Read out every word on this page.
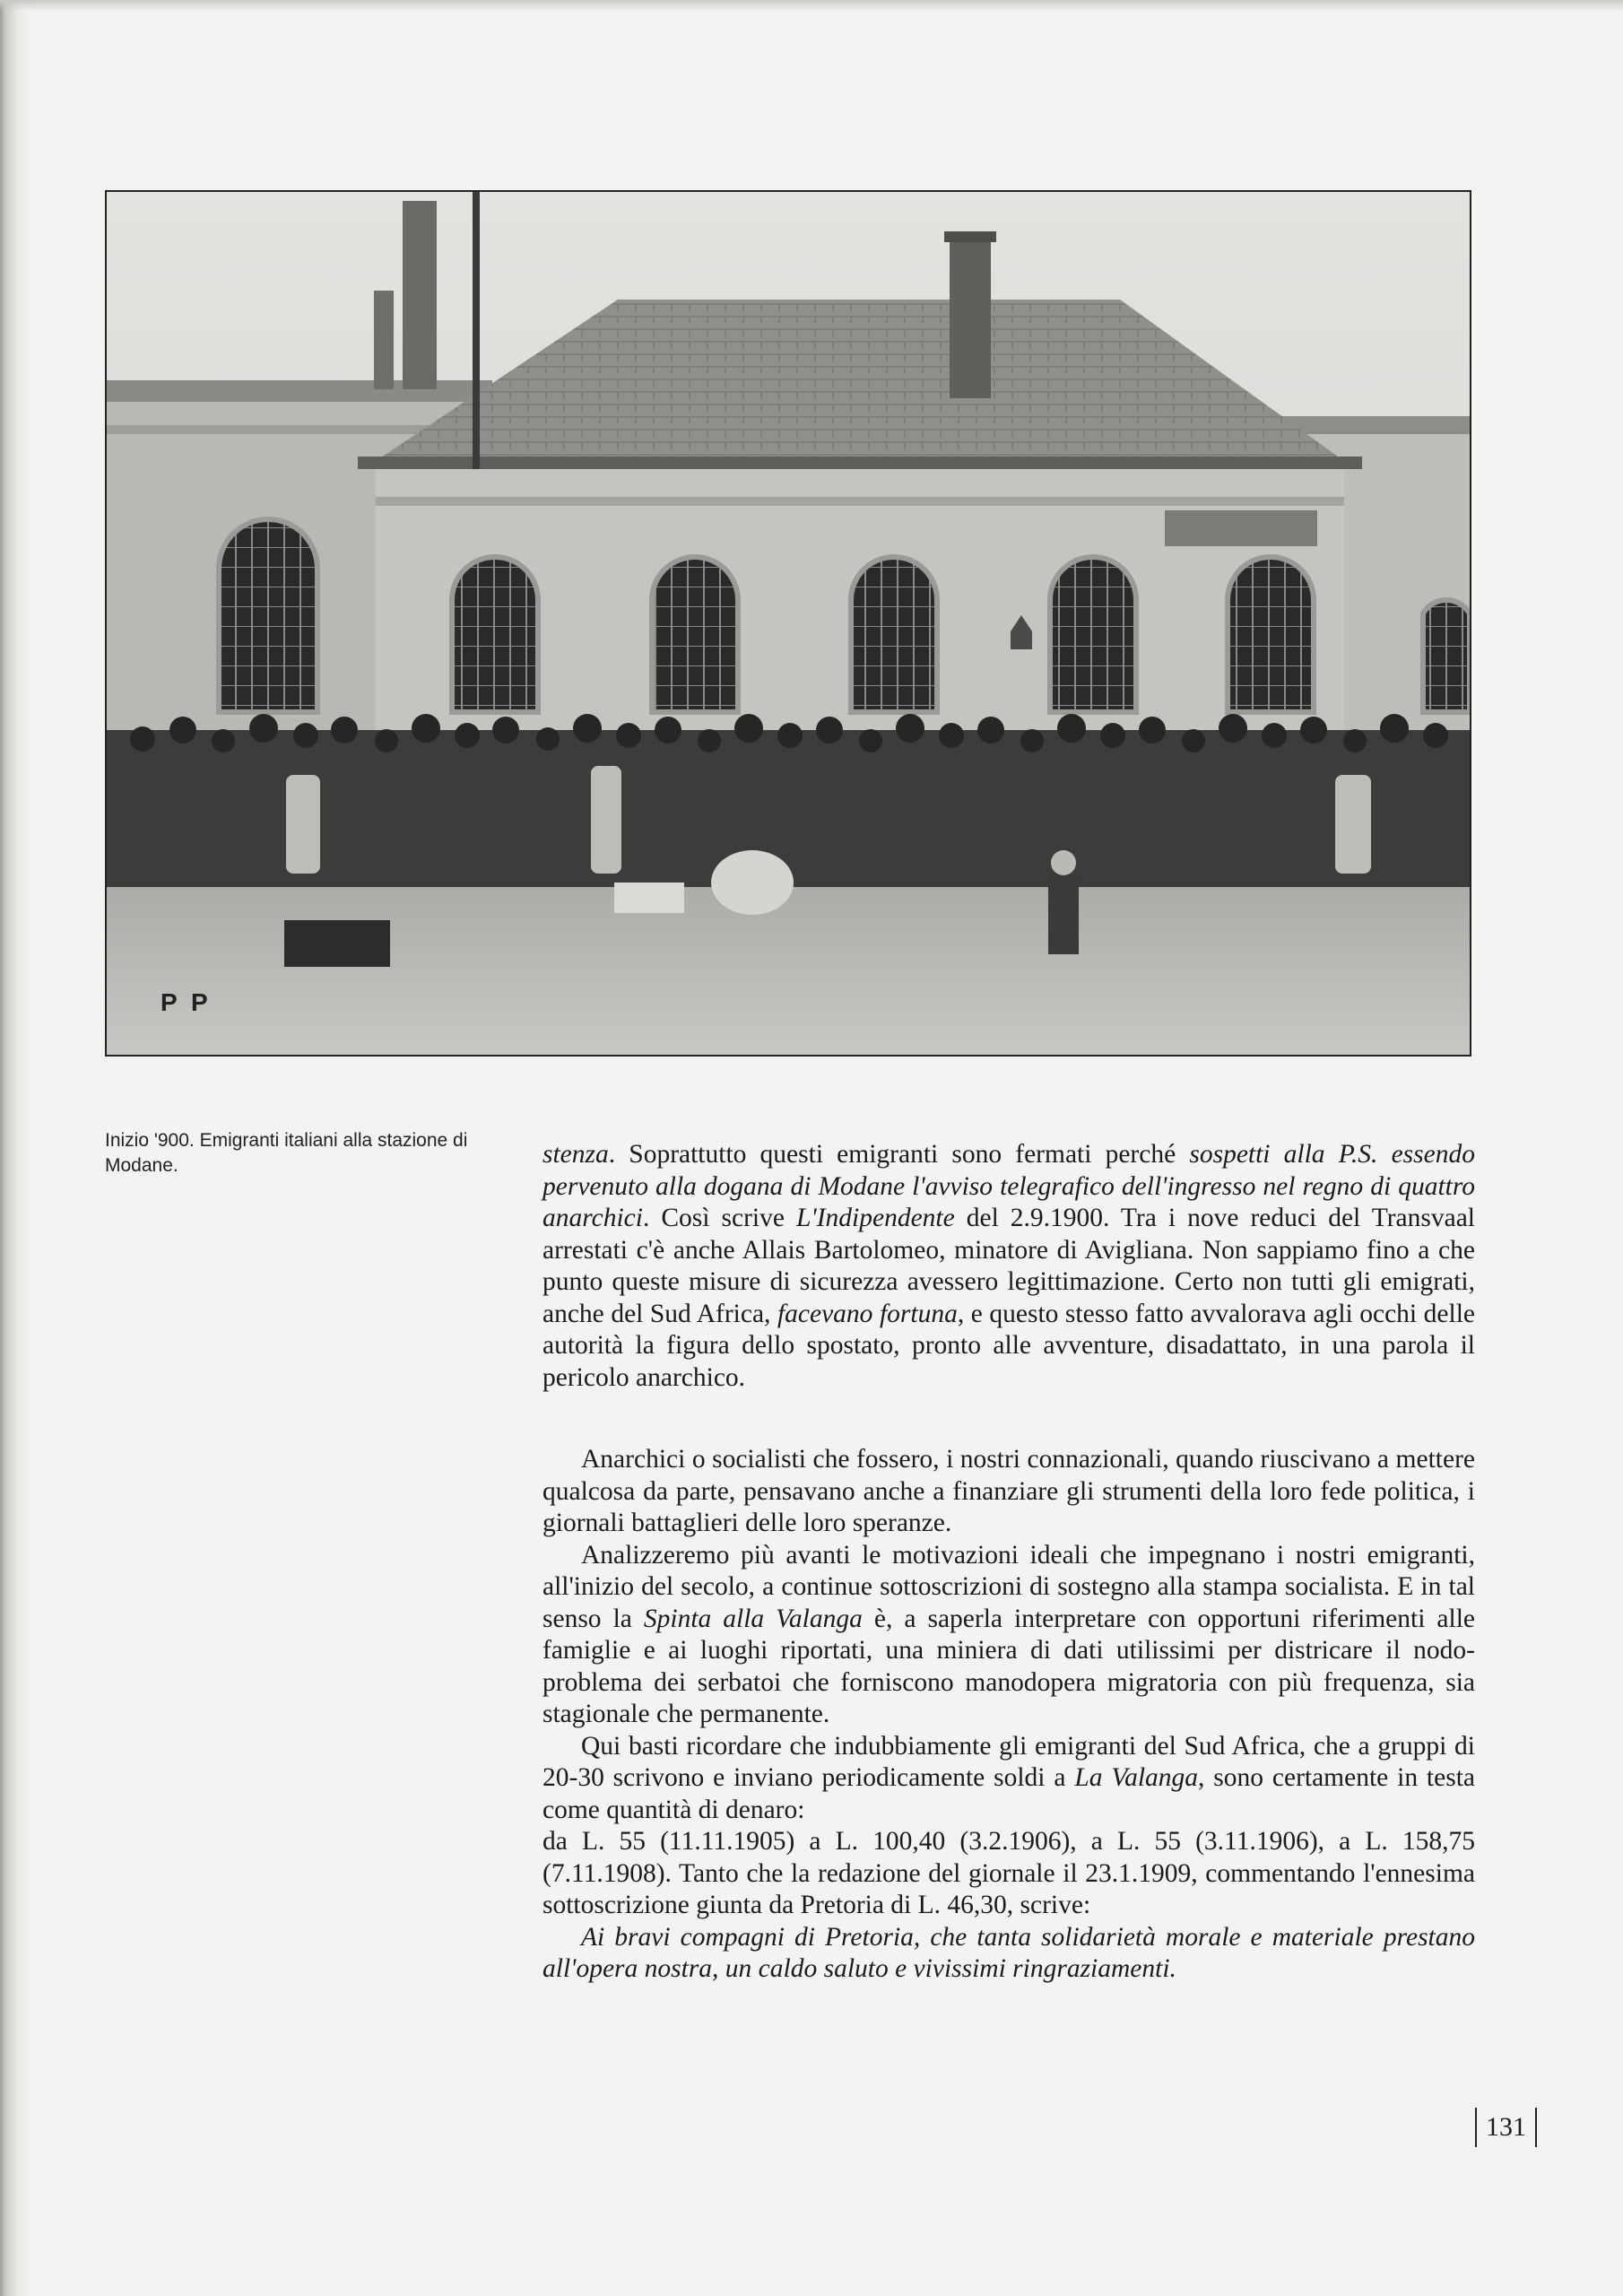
P P
Inizio '900. Emigranti italiani alla stazione di Modane.	stenza. Soprattutto questi emigranti sono fermati perché sospetti alla P.S. essendo pervenuto alla dogana di Modane l'avviso telegrafico dell'ingresso nel regno di quattro anarchici. Così scrive L'Indipendente del 2.9.1900. Tra i nove reduci del Transvaal arrestati c'è anche Allais Bartolomeo, minatore di Avigliana. Non sappiamo fino a che punto queste misure di sicurezza avessero legittimazione. Certo non tutti gli emigrati, anche del Sud Africa, facevano fortuna, e questo stesso fatto avvalorava agli occhi delle autorità la figura dello spostato, pronto alle avventure, disadattato, in una parola il pericolo anarchico.

Anarchici o socialisti che fossero, i nostri connazionali, quando riuscivano a mettere qualcosa da parte, pensavano anche a finanziare gli strumenti della loro fede politica, i giornali battaglieri delle loro speranze.

Analizzeremo più avanti le motivazioni ideali che impegnano i nostri emigranti, all'inizio del secolo, a continue sottoscrizioni di sostegno alla stampa socialista. E in tal senso la Spinta alla Valanga è, a saperla interpretare con opportuni riferimenti alle famiglie e ai luoghi riportati, una miniera di dati utilissimi per districare il nodo-problema dei serbatoi che forniscono manodopera migratoria con più frequenza, sia stagionale che permanente.

Qui basti ricordare che indubbiamente gli emigranti del Sud Africa, che a gruppi di 20-30 scrivono e inviano periodicamente soldi a La Valanga, sono certamente in testa come quantità di denaro:

da L. 55 (11.11.1905) a L. 100,40 (3.2.1906), a L. 55 (3.11.1906), a L. 158,75 (7.11.1908). Tanto che la redazione del giornale il 23.1.1909, commentando l'ennesima sottoscrizione giunta da Pretoria di L. 46,30, scrive:

Ai bravi compagni di Pretoria, che tanta solidarietà morale e materiale prestano all'opera nostra, un caldo saluto e vivissimi ringraziamenti.

131
